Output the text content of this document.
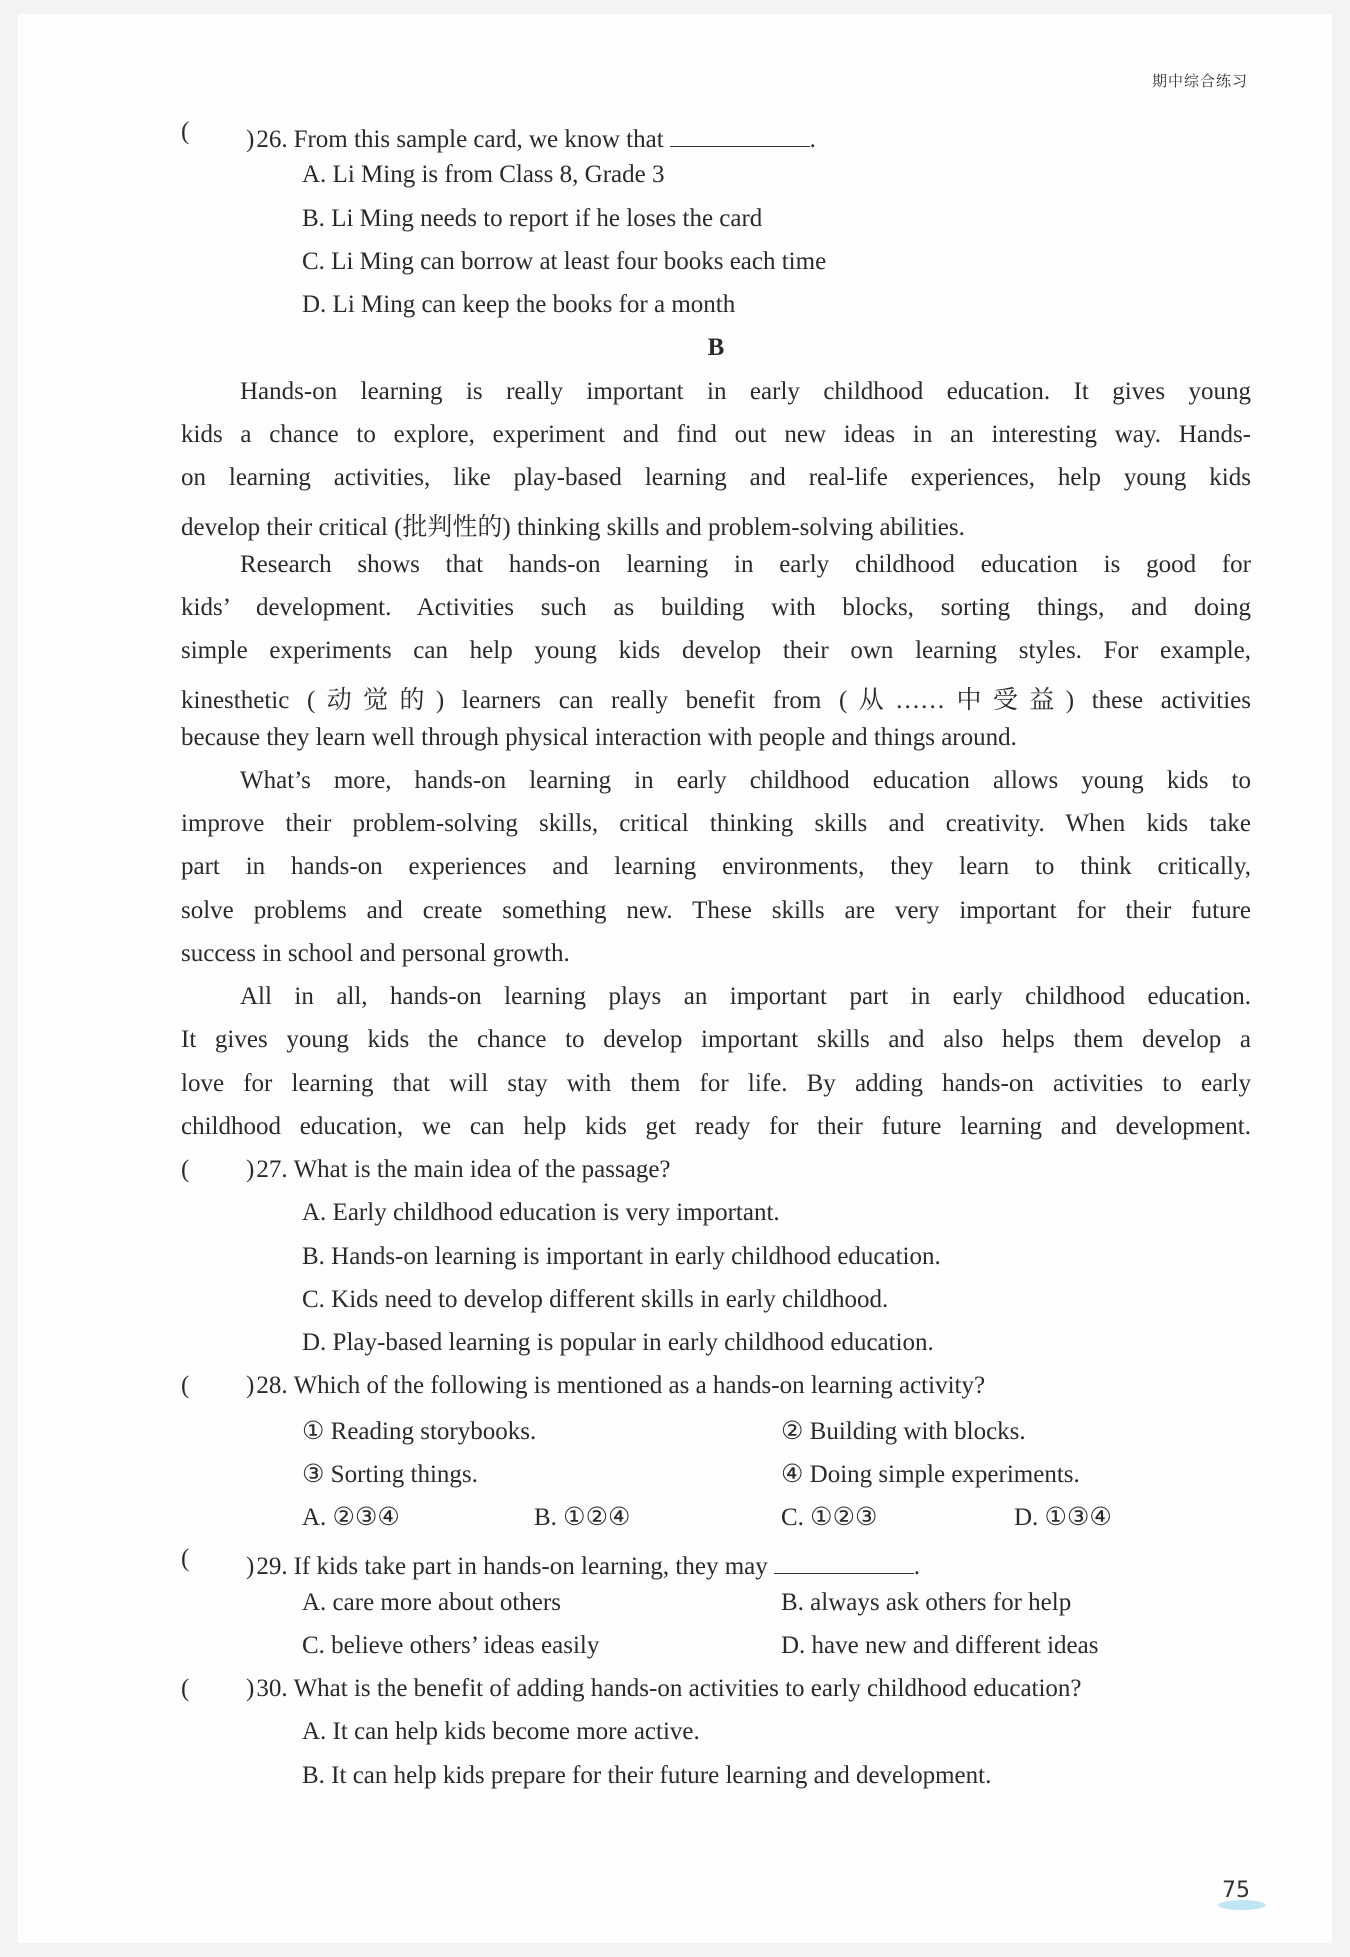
期中综合练习
( )26. From this sample card, we know that	.
A. Li Ming is from Class 8, Grade 3
B. Li Ming needs to report if he loses the card
C. Li Ming can borrow at least four books each time
D. Li Ming can keep the books for a month
B
Hands-on learning is really important in early childhood education. It gives young
kids a chance to explore, experiment and find out new ideas in an interesting way. Hands-
on learning activities, like play-based learning and real-life experiences, help young kids
develop their critical (批判性的) thinking skills and problem-solving abilities.
Research shows that hands-on learning in early childhood education is good for
kids’ development. Activities such as building with blocks, sorting things, and doing
simple experiments can help young kids develop their own learning styles. For example,
kinesthetic (动觉的) learners can really benefit from (从……中受益) these activities
because they learn well through physical interaction with people and things around.
What’s more, hands-on learning in early childhood education allows young kids to
improve their problem-solving skills, critical thinking skills and creativity. When kids take
part in hands-on experiences and learning environments, they learn to think critically,
solve problems and create something new. These skills are very important for their future
success in school and personal growth.
All in all, hands-on learning plays an important part in early childhood education.
It gives young kids the chance to develop important skills and also helps them develop a
love for learning that will stay with them for life. By adding hands-on activities to early
childhood education, we can help kids get ready for their future learning and development.
( )27. What is the main idea of the passage?
A. Early childhood education is very important.
B. Hands-on learning is important in early childhood education.
C. Kids need to develop different skills in early childhood.
D. Play-based learning is popular in early childhood education.
( )28. Which of the following is mentioned as a hands-on learning activity?
① Reading storybooks.	② Building with blocks.
③ Sorting things.	④ Doing simple experiments.
A. ②③④	B. ①②④	C. ①②③	D. ①③④
( )29. If kids take part in hands-on learning, they may	.
A. care more about others	B. always ask others for help
C. believe others’ ideas easily	D. have new and different ideas
( )30. What is the benefit of adding hands-on activities to early childhood education?
A. It can help kids become more active.
B. It can help kids prepare for their future learning and development.
75
